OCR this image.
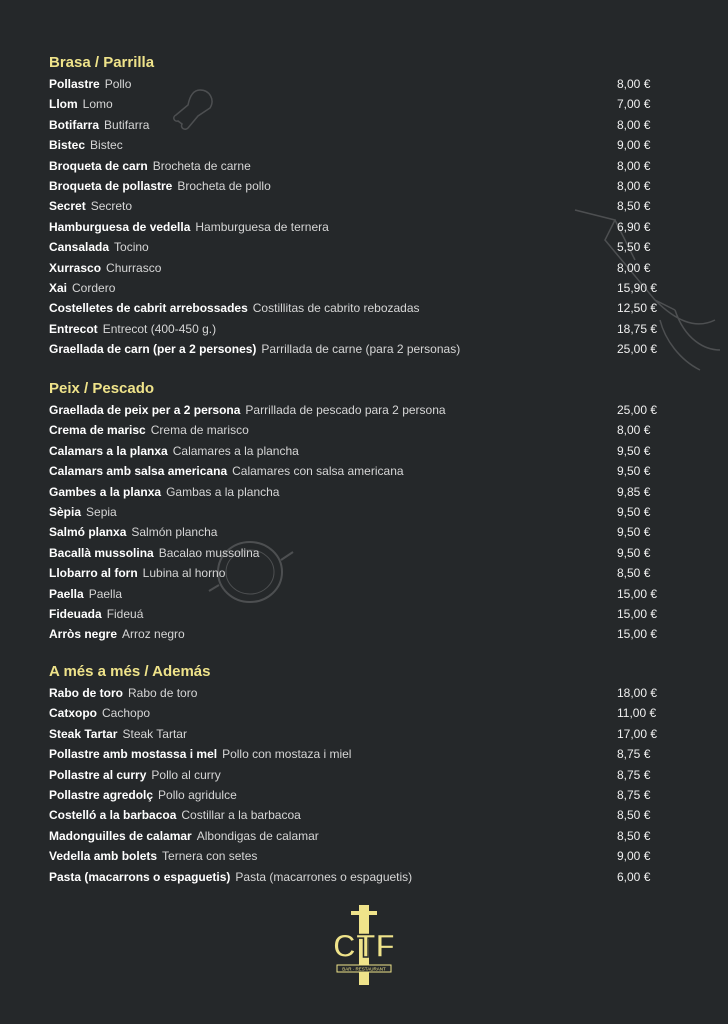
Brasa / Parrilla
Pollastre Pollo	8,00 €
Llom Lomo	7,00 €
Botifarra Butifarra	8,00 €
Bistec Bistec	9,00 €
Broqueta de carn Brocheta de carne	8,00 €
Broqueta de pollastre Brocheta de pollo	8,00 €
Secret Secreto	8,50 €
Hamburguesa de vedella Hamburguesa de ternera	6,90 €
Cansalada Tocino	5,50 €
Xurrasco Churrasco	8,00 €
Xai Cordero	15,90 €
Costelletes de cabrit arrebossades Costillitas de cabrito rebozadas	12,50 €
Entrecot Entrecot (400-450 g.)	18,75 €
Graellada de carn (per a 2 persones) Parrillada de carne (para 2 personas)	25,00 €
Peix / Pescado
Graellada de peix per a 2 persona Parrillada de pescado para 2 persona	25,00 €
Crema de marisc Crema de marisco	8,00 €
Calamars a la planxa Calamares a la plancha	9,50 €
Calamars amb salsa americana Calamares con salsa americana	9,50 €
Gambes a la planxa Gambas a la plancha	9,85 €
Sèpia Sepia	9,50 €
Salmó planxa Salmón plancha	9,50 €
Bacallà mussolina Bacalao mussolina	9,50 €
Llobarro al forn Lubina al horno	8,50 €
Paella Paella	15,00 €
Fideuada Fideuá	15,00 €
Arròs negre Arroz negro	15,00 €
A més a més / Además
Rabo de toro Rabo de toro	18,00 €
Catxopo Cachopo	11,00 €
Steak Tartar Steak Tartar	17,00 €
Pollastre amb mostassa i mel Pollo con mostaza i miel	8,75 €
Pollastre al curry Pollo al curry	8,75 €
Pollastre agredolç Pollo agridulce	8,75 €
Costelló a la barbacoa Costillar a la barbacoa	8,50 €
Madonguilles de calamar Albondigas de calamar	8,50 €
Vedella amb bolets Ternera con setes	9,00 €
Pasta (macarrons o espaguetis) Pasta (macarrones o espaguetis)	6,00 €
CTF
BAR · RESTAURANT
